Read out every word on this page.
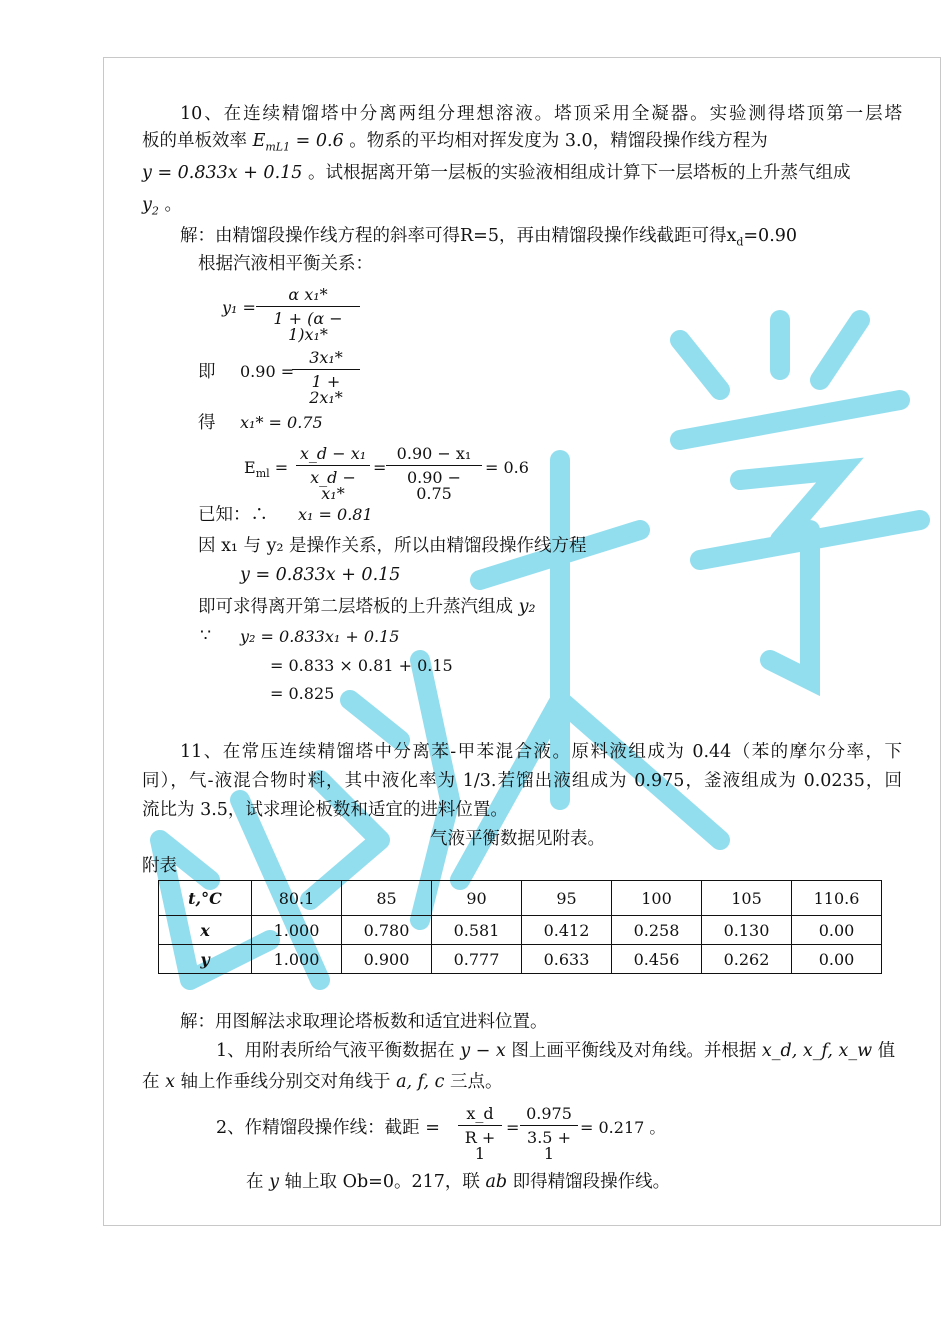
10、在连续精馏塔中分离两组分理想溶液。塔顶采用全凝器。实验测得塔顶第一层塔
板的单板效率 $E_{mL1} = 0.6$ 。物系的平均相对挥发度为 3.0，精馏段操作线方程为
y = 0.833x + 0.15 。试根据离开第一层板的实验液相组成计算下一层塔板的上升蒸气组成
$y_2$ 。
解：由精馏段操作线方程的斜率可得R=5，再由精馏段操作线截距可得$x_d=0.90$
根据汽液相平衡关系：
$y_1 = \frac{\text{α x₁*}}{\text{1 + (α − 1)x₁*}}$
即 0.90 =
$\frac{\text{3x₁*}}{\text{1 + 2x₁*}}$
得 x₁* = 0.75
$E_{ml} = \frac{\text{x\_d − x₁}}{\text{x\_d − x₁*}} = \frac{\text{0.90 − x₁}}{0.90 - 0.75} = 0.6$
已知：∴ x₁ = 0.81
因 x₁ 与 y₂ 是操作关系，所以由精馏段操作线方程
y = 0.833x + 0.15
即可求得离开第二层塔板的上升蒸汽组成 y₂
∵ y₂ = 0.833x₁ + 0.15
= 0.833 × 0.81 + 0.15
= 0.825
11、在常压连续精馏塔中分离苯-甲苯混合液。原料液组成为 0.44（苯的摩尔分率，下
同），气-液混合物时料，其中液化率为 1/3.若馏出液组成为 0.975，釜液组成为 0.0235，回
流比为 3.5，试求理论板数和适宜的进料位置。
气液平衡数据见附表。
附表
t,°C	80.1	85	90	95	100	105	110.6
x	1.000	0.780	0.581	0.412	0.258	0.130	0.00
y	1.000	0.900	0.777	0.633	0.456	0.262	0.00
解：用图解法求取理论塔板数和适宜进料位置。
1、用附表所给气液平衡数据在 y − x 图上画平衡线及对角线。并根据 x_d, x_f, x_w 值
在 x 轴上作垂线分别交对角线于 a, f, c 三点。
2、作精馏段操作线：截距 = $\frac{x\_d}{R + 1} = \frac{0.975}{3.5 + 1} = 0.217$ 。
在 y 轴上取 Ob=0。217，联 ab 即得精馏段操作线。
